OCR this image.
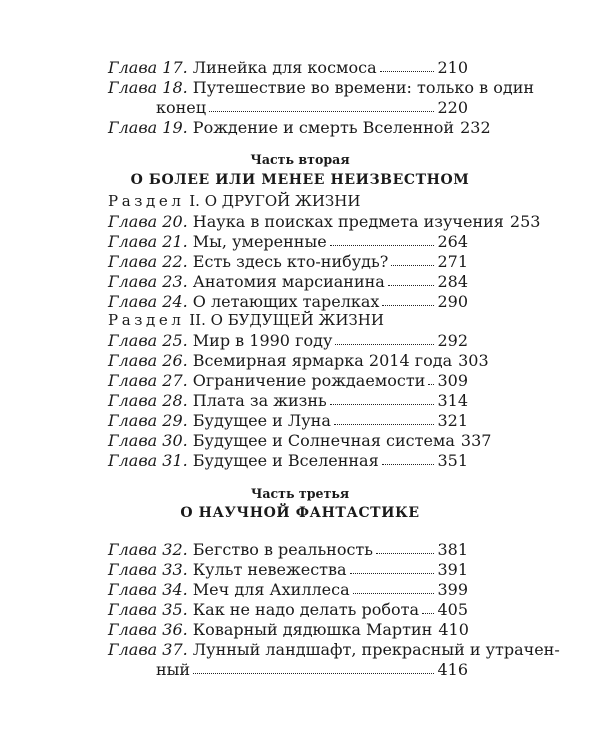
Глава 17. Линейка для космоса	210
Глава 18. Путешествие во времени: только в один
конец	220
Глава 19. Рождение и смерть Вселенной 232
Часть вторая
О БОЛЕЕ ИЛИ МЕНЕЕ НЕИЗВЕСТНОМ
Раздел I. О ДРУГОЙ ЖИЗНИ
Глава 20. Наука в поисках предмета изучения 253
Глава 21. Мы, умеренные	264
Глава 22. Есть здесь кто-нибудь?	271
Глава 23. Анатомия марсианина	284
Глава 24. О летающих тарелках	290
Раздел II. О БУДУЩЕЙ ЖИЗНИ
Глава 25. Мир в 1990 году	292
Глава 26. Всемирная ярмарка 2014 года 303
Глава 27. Ограничение рождаемости 309
Глава 28. Плата за жизнь	314
Глава 29. Будущее и Луна	321
Глава 30. Будущее и Солнечная система 337
Глава 31. Будущее и Вселенная	351
Часть третья
О НАУЧНОЙ ФАНТАСТИКЕ
Глава 32. Бегство в реальность	381
Глава 33. Культ невежества	391
Глава 34. Меч для Ахиллеса	399
Глава 35. Как не надо делать робота 405
Глава 36. Коварный дядюшка Мартин 410
Глава 37. Лунный ландшафт, прекрасный и утрачен-
ный	416
